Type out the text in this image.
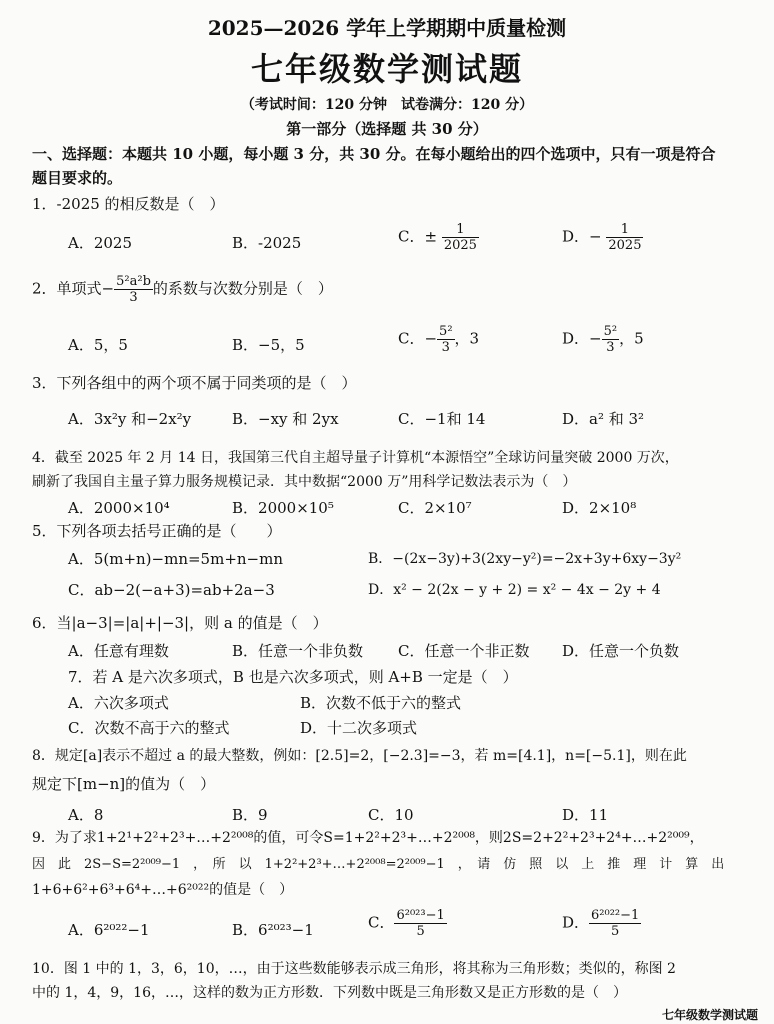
2025—2026 学年上学期期中质量检测
七年级数学测试题
（考试时间：120 分钟　试卷满分：120 分）
第一部分（选择题 共 30 分）
一、选择题：本题共 10 小题，每小题 3 分，共 30 分。在每小题给出的四个选项中，只有一项是符合
题目要求的。
1．-2025 的相反数是（　）
A．2025	B．-2025	C．± $\frac{1}{2025}$	D．− $\frac{1}{2025}$
2．单项式− $\frac{\text{5²a²b}}{3}$ 的系数与次数分别是（　）
A．5，5	B．−5，5	C．− $\frac{\text{5²}}{3}$ ，3	D．− $\frac{\text{5²}}{3}$ ，5
3．下列各组中的两个项不属于同类项的是（　）
A．3x²y 和−2x²y	B．−xy 和 2yx	C．−1和 14	D．a² 和 3²
4．截至 2025 年 2 月 14 日，我国第三代自主超导量子计算机“本源悟空”全球访问量突破 2000 万次，
刷新了我国自主量子算力服务规模记录．其中数据“2000 万”用科学记数法表示为（　）
A．2000×10⁴	B．2000×10⁵	C．2×10⁷	D．2×10⁸
5．下列各项去括号正确的是（　　）
A．5(m+n)−mn=5m+n−mn	B．−(2x−3y)+3(2xy−y²)=−2x+3y+6xy−3y²
C．ab−2(−a+3)=ab+2a−3	D．x² − 2(2x − y + 2) = x² − 4x − 2y + 4
6．当|a−3|=|a|+|−3|，则 a 的值是（　）
A．任意有理数	B．任意一个非负数 C．任意一个非正数 D．任意一个负数
7．若 A 是六次多项式，B 也是六次多项式，则 A+B 一定是（　）
A．六次多项式	B．次数不低于六的整式
C．次数不高于六的整式	D．十二次多项式
8．规定[a]表示不超过 a 的最大整数，例如：[2.5]=2，[−2.3]=−3，若 m=[4.1]，n=[−5.1]，则在此
规定下[m−n]的值为（　）
A．8	B．9	C．10	D．11
9．为了求1+2¹+2²+2³+…+2²⁰⁰⁸的值，可令S=1+2²+2³+…+2²⁰⁰⁸，则2S=2+2²+2³+2⁴+…+2²⁰⁰⁹，
因　此　2S−S=2²⁰⁰⁹−1　，　所　以　1+2²+2³+…+2²⁰⁰⁸=2²⁰⁰⁹−1　，　请　仿　照　以　上　推　理　计　算　出
1+6+6²+6³+6⁴+…+6²⁰²²的值是（　）
A．6²⁰²²−1	B．6²⁰²³−1	C． $\frac{\text{6²⁰²³−1}}{5}$	D． $\frac{\text{6²⁰²²−1}}{5}$
10．图 1 中的 1，3，6，10，…，由于这些数能够表示成三角形，将其称为三角形数；类似的，称图 2
中的 1，4，9，16，…，这样的数为正方形数．下列数中既是三角形数又是正方形数的是（　）
七年级数学测试题
